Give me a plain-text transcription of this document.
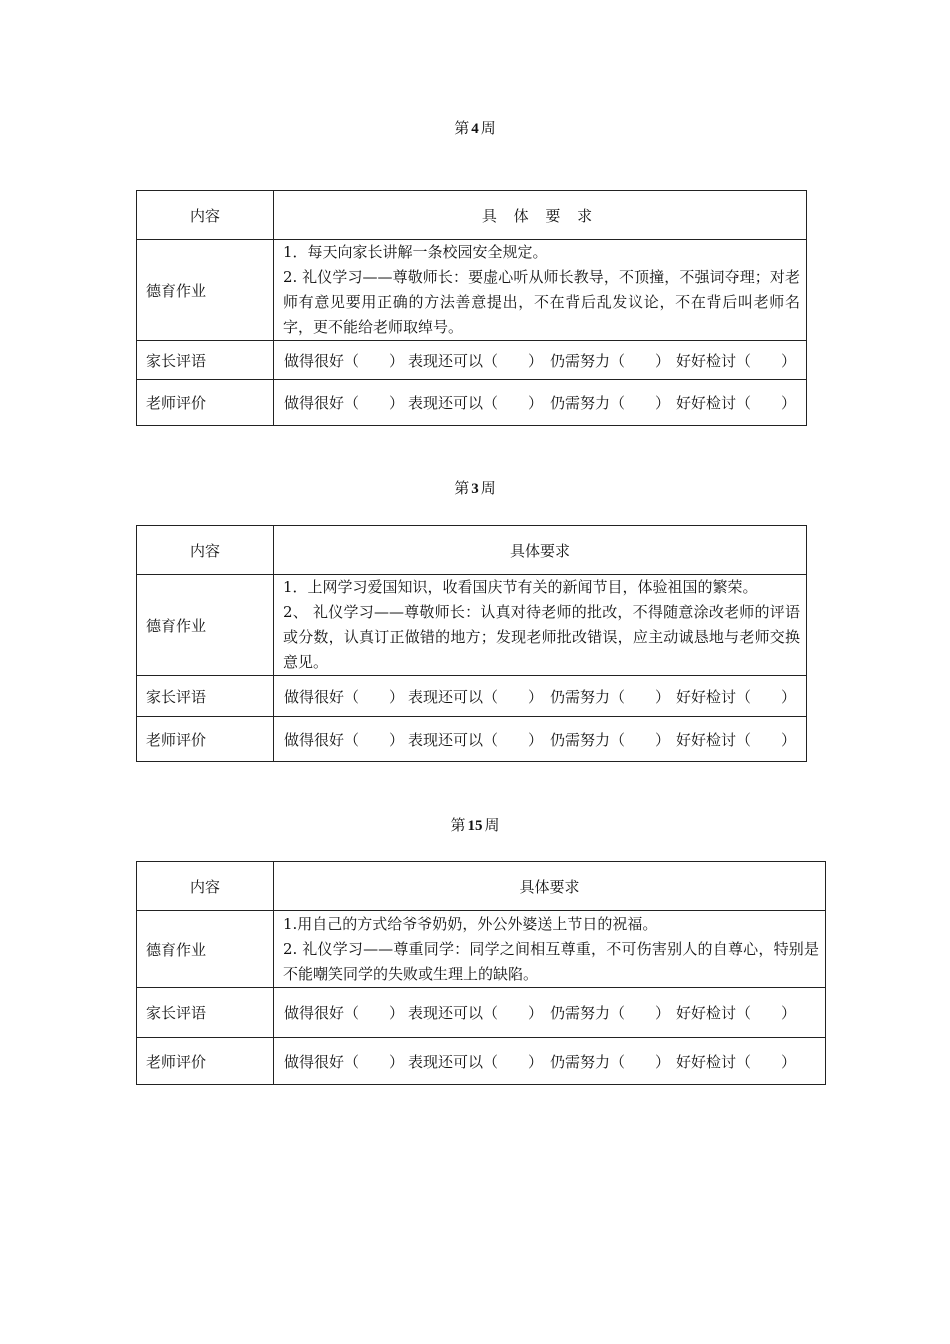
第 4 周
内容	具 体 要 求
德育作业	1．每天向家长讲解一条校园安全规定。
2. 礼仪学习——尊敬师长：要虚心听从师长教导，不顶撞，不强词夺理；对老师有意见要用正确的方法善意提出，不在背后乱发议论，不在背后叫老师名字，更不能给老师取绰号。

家长评语	做得很好（　　） 表现还可以（　　） 仍需努力（　　） 好好检讨（　　）
老师评价	做得很好（　　） 表现还可以（　　） 仍需努力（　　） 好好检讨（　　）
第 3 周
内容	具体要求
德育作业	1．上网学习爱国知识，收看国庆节有关的新闻节目，体验祖国的繁荣。
2、 礼仪学习——尊敬师长：认真对待老师的批改，不得随意涂改老师的评语或分数，认真订正做错的地方；发现老师批改错误，应主动诚恳地与老师交换意见。

家长评语	做得很好（　　） 表现还可以（　　） 仍需努力（　　） 好好检讨（　　）
老师评价	做得很好（　　） 表现还可以（　　） 仍需努力（　　） 好好检讨（　　）
第 15 周
内容	具体要求
德育作业	1.用自己的方式给爷爷奶奶，外公外婆送上节日的祝福。
2. 礼仪学习——尊重同学：同学之间相互尊重，不可伤害别人的自尊心，特别是不能嘲笑同学的失败或生理上的缺陷。

家长评语	做得很好（　　） 表现还可以（　　） 仍需努力（　　） 好好检讨（　　）
老师评价	做得很好（　　） 表现还可以（　　） 仍需努力（　　） 好好检讨（　　）
